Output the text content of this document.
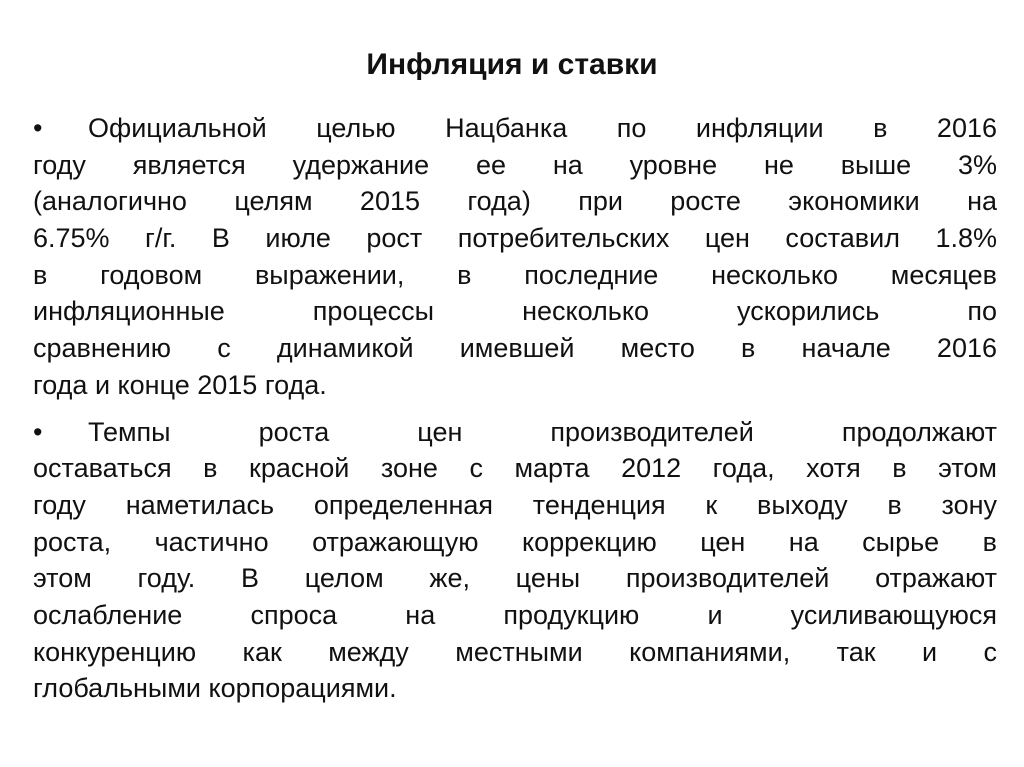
Инфляция и ставки
• Официальной целью Нацбанка по инфляции в 2016
году является удержание ее на уровне не выше 3%
(аналогично целям 2015 года) при росте экономики на
6.75% г/г. В июле рост потребительских цен составил 1.8%
в годовом выражении, в последние несколько месяцев
инфляционные процессы несколько ускорились по
сравнению с динамикой имевшей место в начале 2016
года и конце 2015 года.
• Темпы роста цен производителей продолжают
оставаться в красной зоне с марта 2012 года, хотя в этом
году наметилась определенная тенденция к выходу в зону
роста, частично отражающую коррекцию цен на сырье в
этом году. В целом же, цены производителей отражают
ослабление спроса на продукцию и усиливающуюся
конкуренцию как между местными компаниями, так и с
глобальными корпорациями.
